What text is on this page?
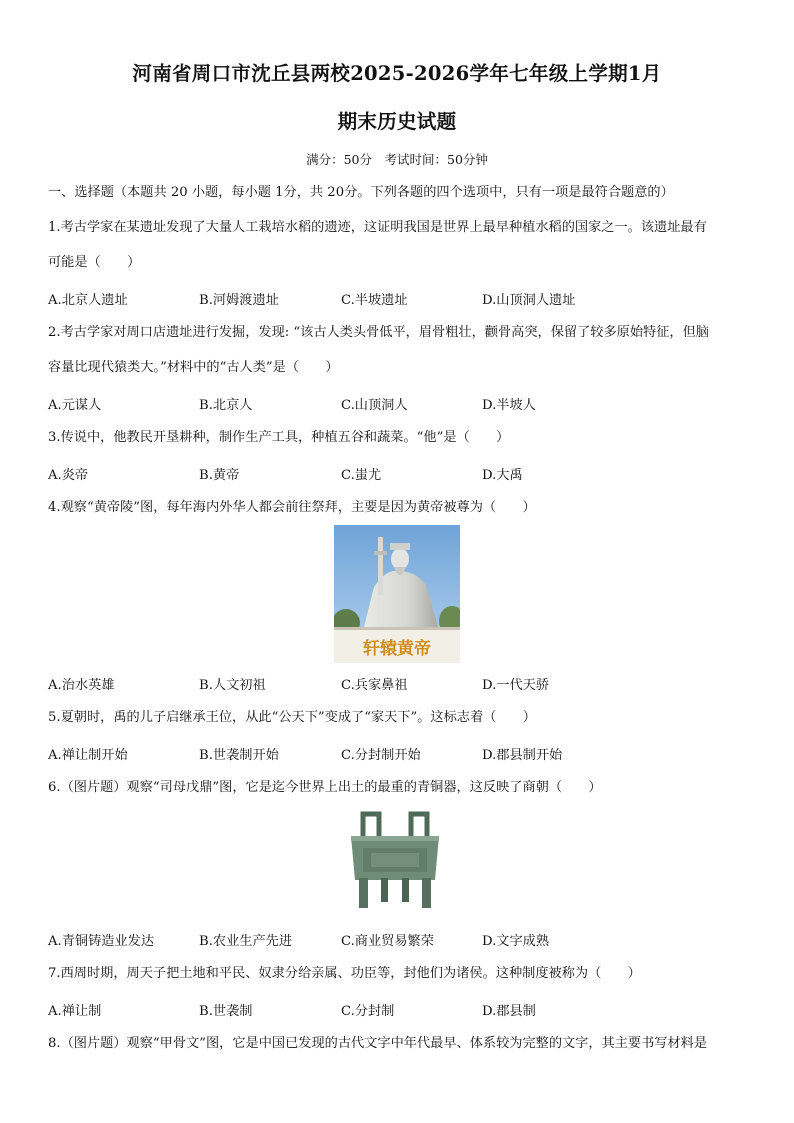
河南省周口市沈丘县两校2025-2026学年七年级上学期1月
期末历史试题
满分：50分　考试时间：50分钟
一、选择题（本题共 20 小题，每小题 1分，共 20分。下列各题的四个选项中，只有一项是最符合题意的）
1.考古学家在某遗址发现了大量人工栽培水稻的遗迹，这证明我国是世界上最早种植水稻的国家之一。该遗址最有
可能是（　　）
A.北京人遗址	B.河姆渡遗址	C.半坡遗址	D.山顶洞人遗址
2.考古学家对周口店遗址进行发掘，发现: “该古人类头骨低平，眉骨粗壮，颧骨高突，保留了较多原始特征，但脑
容量比现代猿类大。”材料中的“古人类”是（　　）
A.元谋人	B.北京人	C.山顶洞人	D.半坡人
3.传说中，他教民开垦耕种，制作生产工具，种植五谷和蔬菜。“他”是（　　）
A.炎帝	B.黄帝	C.蚩尤	D.大禹
4.观察“黄帝陵”图，每年海内外华人都会前往祭拜，主要是因为黄帝被尊为（　　）
轩辕黄帝
A.治水英雄	B.人文初祖	C.兵家鼻祖	D.一代天骄
5.夏朝时，禹的儿子启继承王位，从此“公天下”变成了“家天下”。这标志着（　　）
A.禅让制开始	B.世袭制开始	C.分封制开始	D.郡县制开始
6.（图片题）观察“司母戊鼎”图，它是迄今世界上出土的最重的青铜器，这反映了商朝（　　）
A.青铜铸造业发达	B.农业生产先进	C.商业贸易繁荣	D.文字成熟
7.西周时期，周天子把土地和平民、奴隶分给亲属、功臣等，封他们为诸侯。这种制度被称为（　　）
A.禅让制	B.世袭制	C.分封制	D.郡县制
8.（图片题）观察“甲骨文”图，它是中国已发现的古代文字中年代最早、体系较为完整的文字，其主要书写材料是
